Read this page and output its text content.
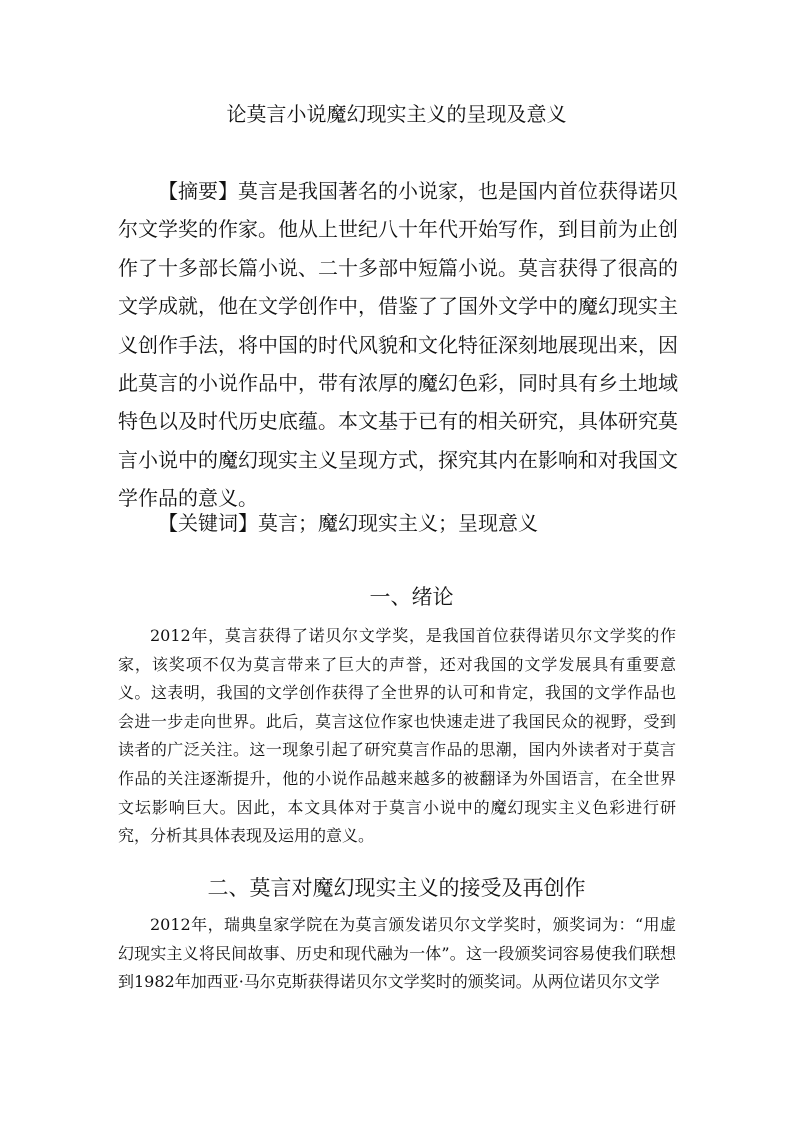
论莫言小说魔幻现实主义的呈现及意义
【摘要】莫言是我国著名的小说家，也是国内首位获得诺贝尔文学奖的作家。他从上世纪八十年代开始写作，到目前为止创作了十多部长篇小说、二十多部中短篇小说。莫言获得了很高的文学成就，他在文学创作中，借鉴了了国外文学中的魔幻现实主义创作手法，将中国的时代风貌和文化特征深刻地展现出来，因此莫言的小说作品中，带有浓厚的魔幻色彩，同时具有乡土地域特色以及时代历史底蕴。本文基于已有的相关研究，具体研究莫言小说中的魔幻现实主义呈现方式，探究其内在影响和对我国文学作品的意义。
【关键词】莫言；魔幻现实主义；呈现意义
一、绪论
2012年，莫言获得了诺贝尔文学奖，是我国首位获得诺贝尔文学奖的作家，该奖项不仅为莫言带来了巨大的声誉，还对我国的文学发展具有重要意义。这表明，我国的文学创作获得了全世界的认可和肯定，我国的文学作品也会进一步走向世界。此后，莫言这位作家也快速走进了我国民众的视野，受到读者的广泛关注。这一现象引起了研究莫言作品的思潮，国内外读者对于莫言作品的关注逐渐提升，他的小说作品越来越多的被翻译为外国语言，在全世界文坛影响巨大。因此，本文具体对于莫言小说中的魔幻现实主义色彩进行研究，分析其具体表现及运用的意义。
二、莫言对魔幻现实主义的接受及再创作
2012年，瑞典皇家学院在为莫言颁发诺贝尔文学奖时，颁奖词为：“用虚幻现实主义将民间故事、历史和现代融为一体”。这一段颁奖词容易使我们联想到1982年加西亚·马尔克斯获得诺贝尔文学奖时的颁奖词。从两位诺贝尔文学
